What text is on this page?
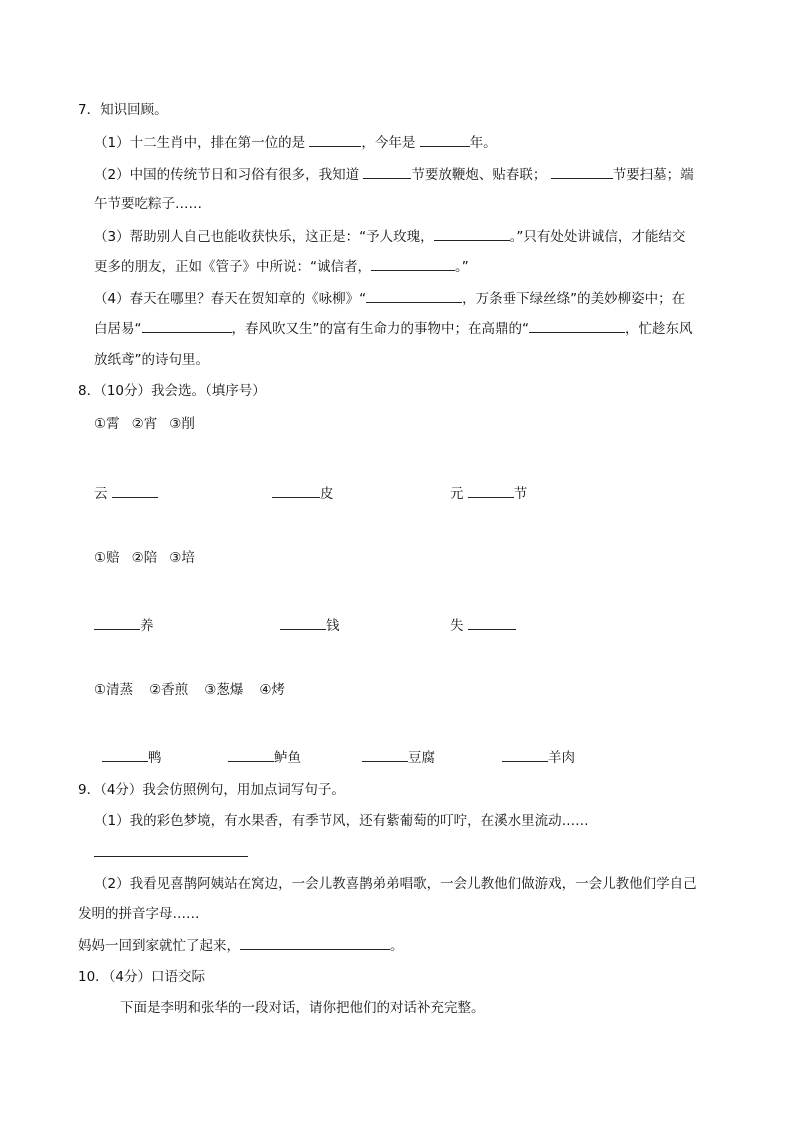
7．知识回顾。
（1）十二生肖中，排在第一位的是	，今年是	年。
（2）中国的传统节日和习俗有很多，我知道	节要放鞭炮、贴春联；	节要扫墓；端
午节要吃粽子……
（3）帮助别人自己也能收获快乐，这正是：“予人玫瑰，	。”只有处处讲诚信，才能结交
更多的朋友，正如《管子》中所说：“诚信者，	。”
（4）春天在哪里？春天在贺知章的《咏柳》“	，万条垂下绿丝绦”的美妙柳姿中；在
白居易“	，春风吹又生”的富有生命力的事物中；在高鼎的“	，忙趁东风
放纸鸢”的诗句里。
8．（10分）我会选。（填序号）
①霄 ②宵 ③削
云	皮	元	节
①赔 ②陪 ③培
养	钱	失
①清蒸 ②香煎 ③葱爆 ④烤
鸭	鲈鱼	豆腐	羊肉
9．（4分）我会仿照例句，用加点词写句子。
（1）我的彩色梦境，有水果香，有季节风，还有紫葡萄的叮咛，在溪水里流动……
（2）我看见喜鹊阿姨站在窝边，一会儿教喜鹊弟弟唱歌，一会儿教他们做游戏，一会儿教他们学自己
发明的拼音字母……
妈妈一回到家就忙了起来，	。
10．（4分）口语交际
下面是李明和张华的一段对话，请你把他们的对话补充完整。
